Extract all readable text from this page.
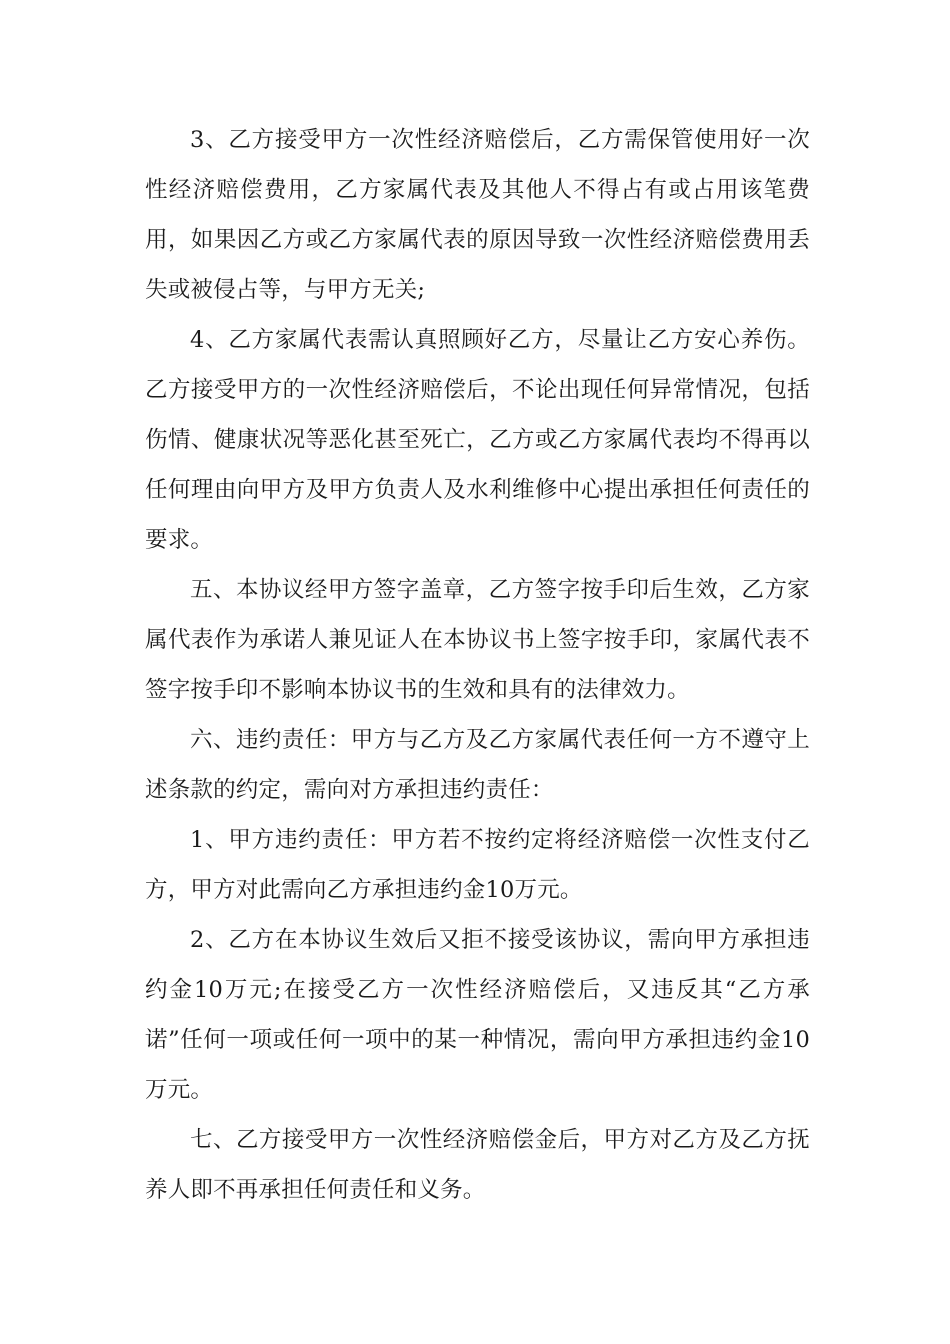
3、乙方接受甲方一次性经济赔偿后，乙方需保管使用好一次性经济赔偿费用，乙方家属代表及其他人不得占有或占用该笔费用，如果因乙方或乙方家属代表的原因导致一次性经济赔偿费用丢失或被侵占等，与甲方无关;

4、乙方家属代表需认真照顾好乙方，尽量让乙方安心养伤。乙方接受甲方的一次性经济赔偿后，不论出现任何异常情况，包括伤情、健康状况等恶化甚至死亡，乙方或乙方家属代表均不得再以任何理由向甲方及甲方负责人及水利维修中心提出承担任何责任的要求。

五、本协议经甲方签字盖章，乙方签字按手印后生效，乙方家属代表作为承诺人兼见证人在本协议书上签字按手印，家属代表不签字按手印不影响本协议书的生效和具有的法律效力。

六、违约责任：甲方与乙方及乙方家属代表任何一方不遵守上述条款的约定，需向对方承担违约责任：

1、甲方违约责任：甲方若不按约定将经济赔偿一次性支付乙方，甲方对此需向乙方承担违约金10万元。

2、乙方在本协议生效后又拒不接受该协议，需向甲方承担违约金10万元;在接受乙方一次性经济赔偿后，又违反其“乙方承诺”任何一项或任何一项中的某一种情况，需向甲方承担违约金10万元。

七、乙方接受甲方一次性经济赔偿金后，甲方对乙方及乙方抚养人即不再承担任何责任和义务。
